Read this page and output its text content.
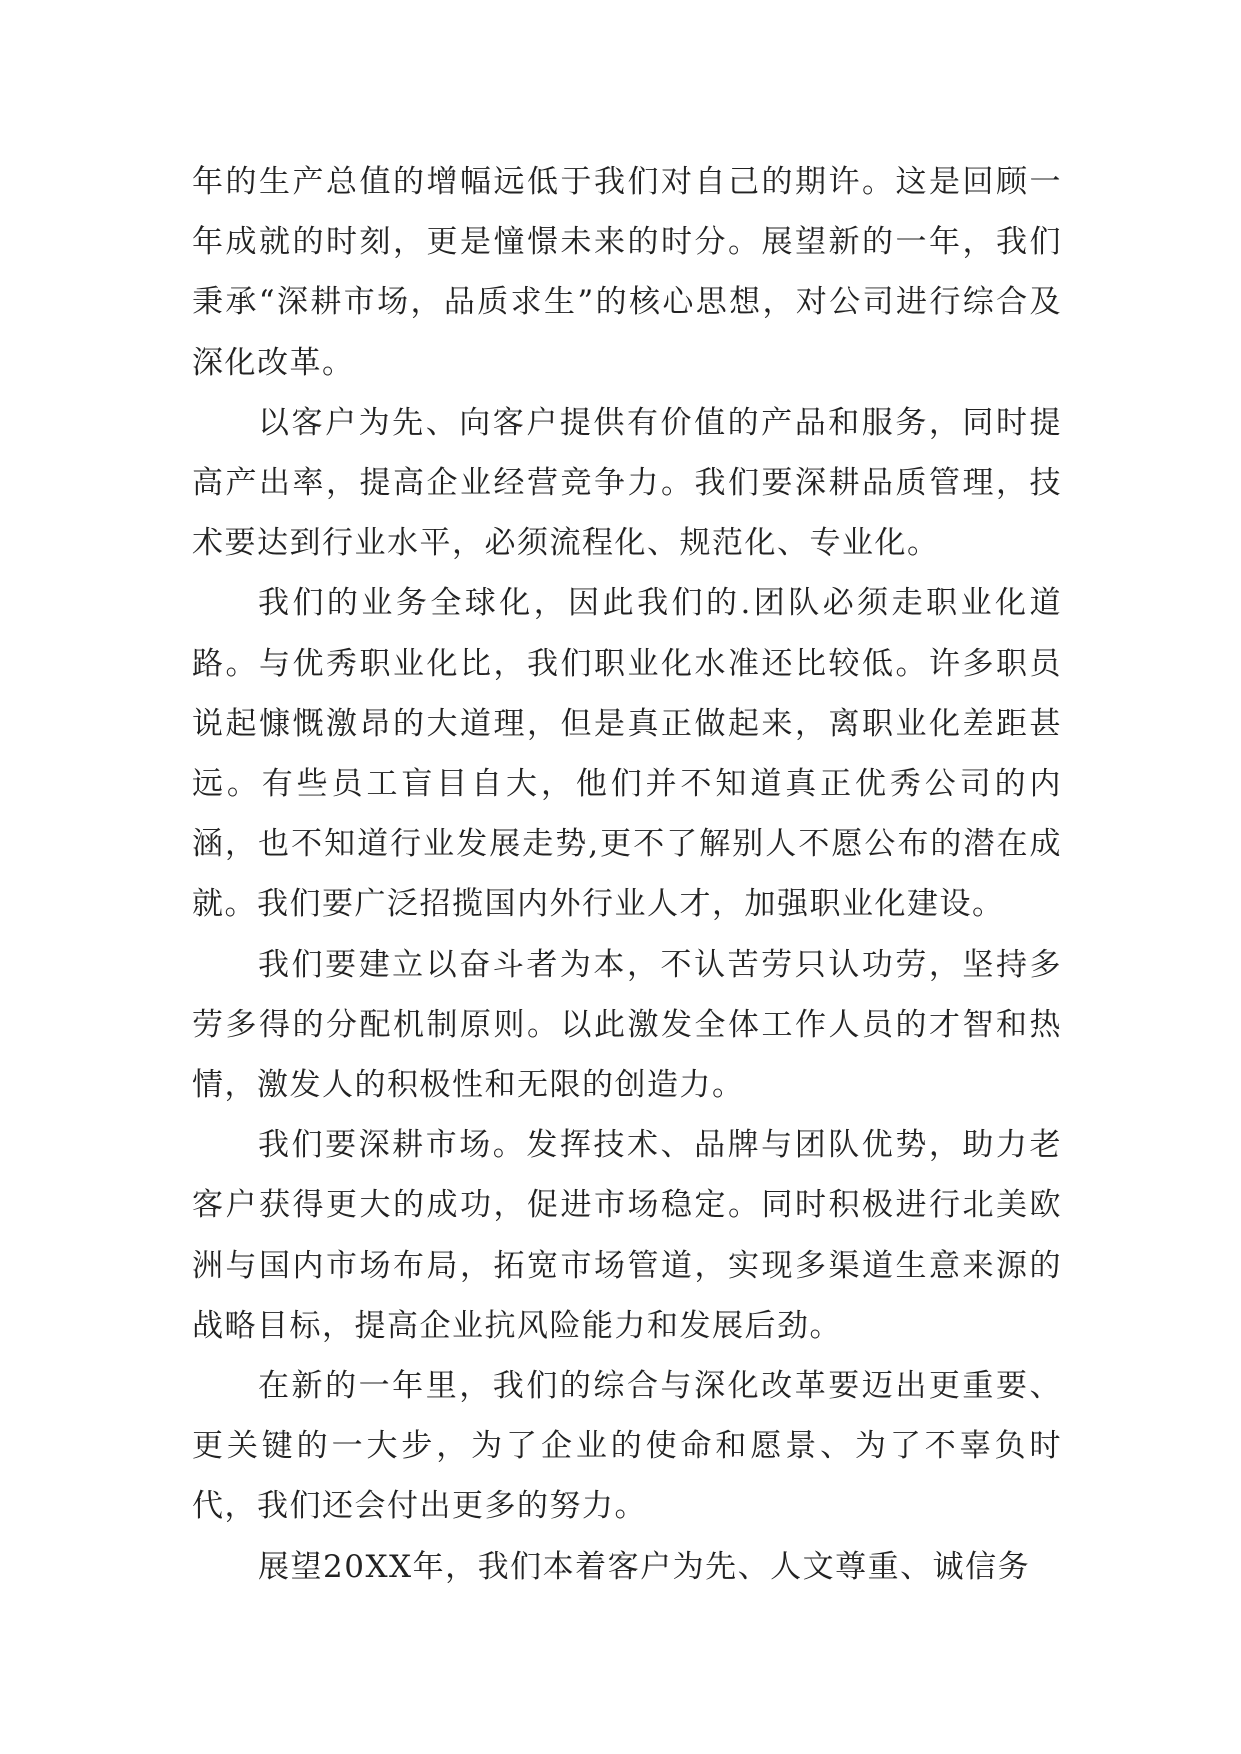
年的生产总值的增幅远低于我们对自己的期许。这是回顾一年成就的时刻，更是憧憬未来的时分。展望新的一年，我们秉承“深耕市场，品质求生”的核心思想，对公司进行综合及深化改革。

以客户为先、向客户提供有价值的产品和服务，同时提高产出率，提高企业经营竞争力。我们要深耕品质管理，技术要达到行业水平，必须流程化、规范化、专业化。

我们的业务全球化，因此我们的.团队必须走职业化道路。与优秀职业化比，我们职业化水准还比较低。许多职员说起慷慨激昂的大道理，但是真正做起来，离职业化差距甚远。有些员工盲目自大，他们并不知道真正优秀公司的内涵，也不知道行业发展走势,更不了解别人不愿公布的潜在成就。我们要广泛招揽国内外行业人才，加强职业化建设。

我们要建立以奋斗者为本，不认苦劳只认功劳，坚持多劳多得的分配机制原则。以此激发全体工作人员的才智和热情，激发人的积极性和无限的创造力。

我们要深耕市场。发挥技术、品牌与团队优势，助力老客户获得更大的成功，促进市场稳定。同时积极进行北美欧洲与国内市场布局，拓宽市场管道，实现多渠道生意来源的战略目标，提高企业抗风险能力和发展后劲。

在新的一年里，我们的综合与深化改革要迈出更重要、更关键的一大步，为了企业的使命和愿景、为了不辜负时代，我们还会付出更多的努力。

展望20XX年，我们本着客户为先、人文尊重、诚信务
